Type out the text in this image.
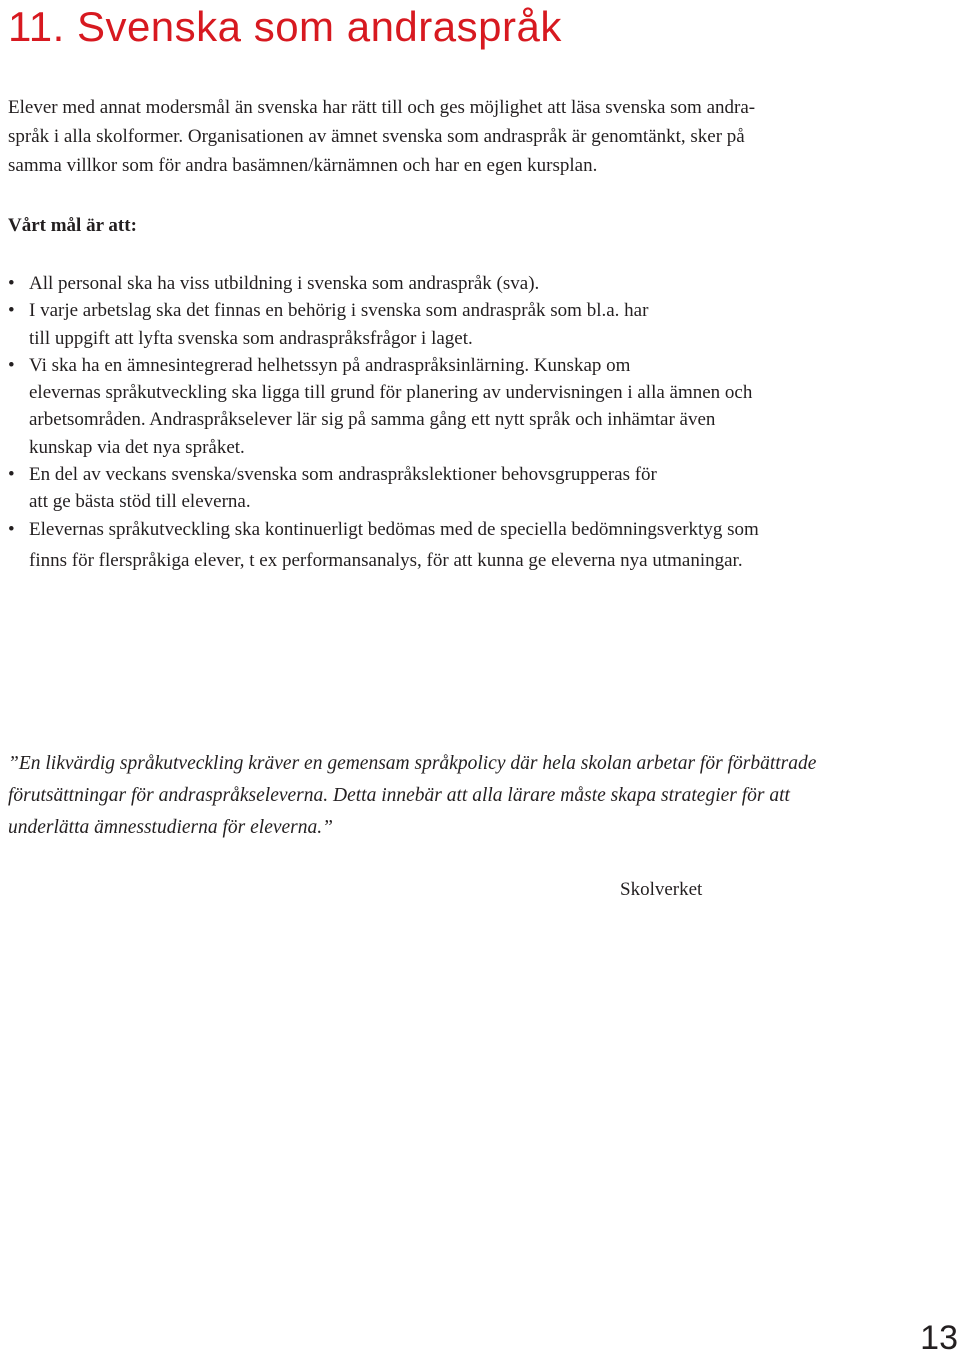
11. Svenska som andraspråk

Elever med annat modersmål än svenska har rätt till och ges möjlighet att läsa svenska som andra-
språk i alla skolformer. Organisationen av ämnet svenska som andraspråk är genomtänkt, sker på
samma villkor som för andra basämnen/kärnämnen och har en egen kursplan.

Vårt mål är att:
• All personal ska ha viss utbildning i svenska som andraspråk (sva).
• I varje arbetslag ska det finnas en behörig i svenska som andraspråk som bl.a. har
till uppgift att lyfta svenska som andraspråksfrågor i laget.
• Vi ska ha en ämnesintegrerad helhetssyn på andraspråksinlärning. Kunskap om
elevernas språkutveckling ska ligga till grund för planering av undervisningen i alla ämnen och
arbetsområden. Andraspråkselever lär sig på samma gång ett nytt språk och inhämtar även
kunskap via det nya språket.
• En del av veckans svenska/svenska som andraspråkslektioner behovsgrupperas för
att ge bästa stöd till eleverna.
• Elevernas språkutveckling ska kontinuerligt bedömas med de speciella bedömningsverktyg som
finns för flerspråkiga elever, t ex performansanalys, för att kunna ge eleverna nya utmaningar.
”En likvärdig språkutveckling kräver en gemensam språkpolicy där hela skolan arbetar för förbättrade
förutsättningar för andraspråkseleverna. Detta innebär att alla lärare måste skapa strategier för att
underlätta ämnesstudierna för eleverna.”

Skolverket

13
